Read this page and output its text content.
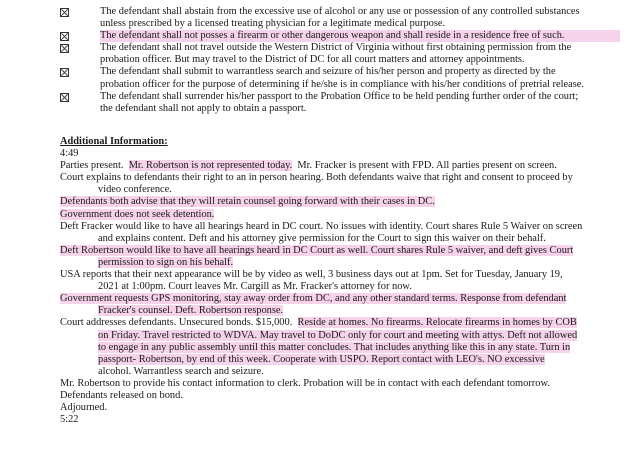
The defendant shall abstain from the excessive use of alcohol or any use or possession of any controlled substances
unless prescribed by a licensed treating physician for a legitimate medical purpose.
The defendant shall not posses a firearm or other dangerous weapon and shall reside in a residence free of such.
The defendant shall not travel outside the Western District of Virginia without first obtaining permission from the
probation officer. But may travel to the District of DC for all court matters and attorney appointments.
The defendant shall submit to warrantless search and seizure of his/her person and property as directed by the
probation officer for the purpose of determining if he/she is in compliance with his/her conditions of pretrial release.
The defendant shall surrender his/her passport to the Probation Office to be held pending further order of the court;
the defendant shall not apply to obtain a passport.
Additional Information:
4:49
Parties present. Mr. Robertson is not represented today. Mr. Fracker is present with FPD. All parties present on screen.
Court explains to defendants their right to an in person hearing. Both defendants waive that right and consent to proceed by
video conference.
Defendants both advise that they will retain counsel going forward with their cases in DC.
Government does not seek detention.
Deft Fracker would like to have all hearings heard in DC court. No issues with identity. Court shares Rule 5 Waiver on screen
and explains content. Deft and his attorney give permission for the Court to sign this waiver on their behalf.
Deft Robertson would like to have all hearings heard in DC Court as well. Court shares Rule 5 waiver, and deft gives Court
permission to sign on his behalf.
USA reports that their next appearance will be by video as well, 3 business days out at 1pm. Set for Tuesday, January 19,
2021 at 1:00pm. Court leaves Mr. Cargill as Mr. Fracker's attorney for now.
Government requests GPS monitoring, stay away order from DC, and any other standard terms. Response from defendant
Fracker's counsel. Deft. Robertson response.
Court addresses defendants. Unsecured bonds. $15,000. Reside at homes. No firearms. Relocate firearms in homes by COB
on Friday. Travel restricted to WDVA. May travel to DoDC only for court and meeting with attys. Deft not allowed
to engage in any public assembly until this matter concludes. That includes anything like this in any state. Turn in
passport- Robertson, by end of this week. Cooperate with USPO. Report contact with LEO's. NO excessive
alcohol. Warrantless search and seizure.
Mr. Robertson to provide his contact information to clerk. Probation will be in contact with each defendant tomorrow.
Defendants released on bond.
Adjourned.
5:22
